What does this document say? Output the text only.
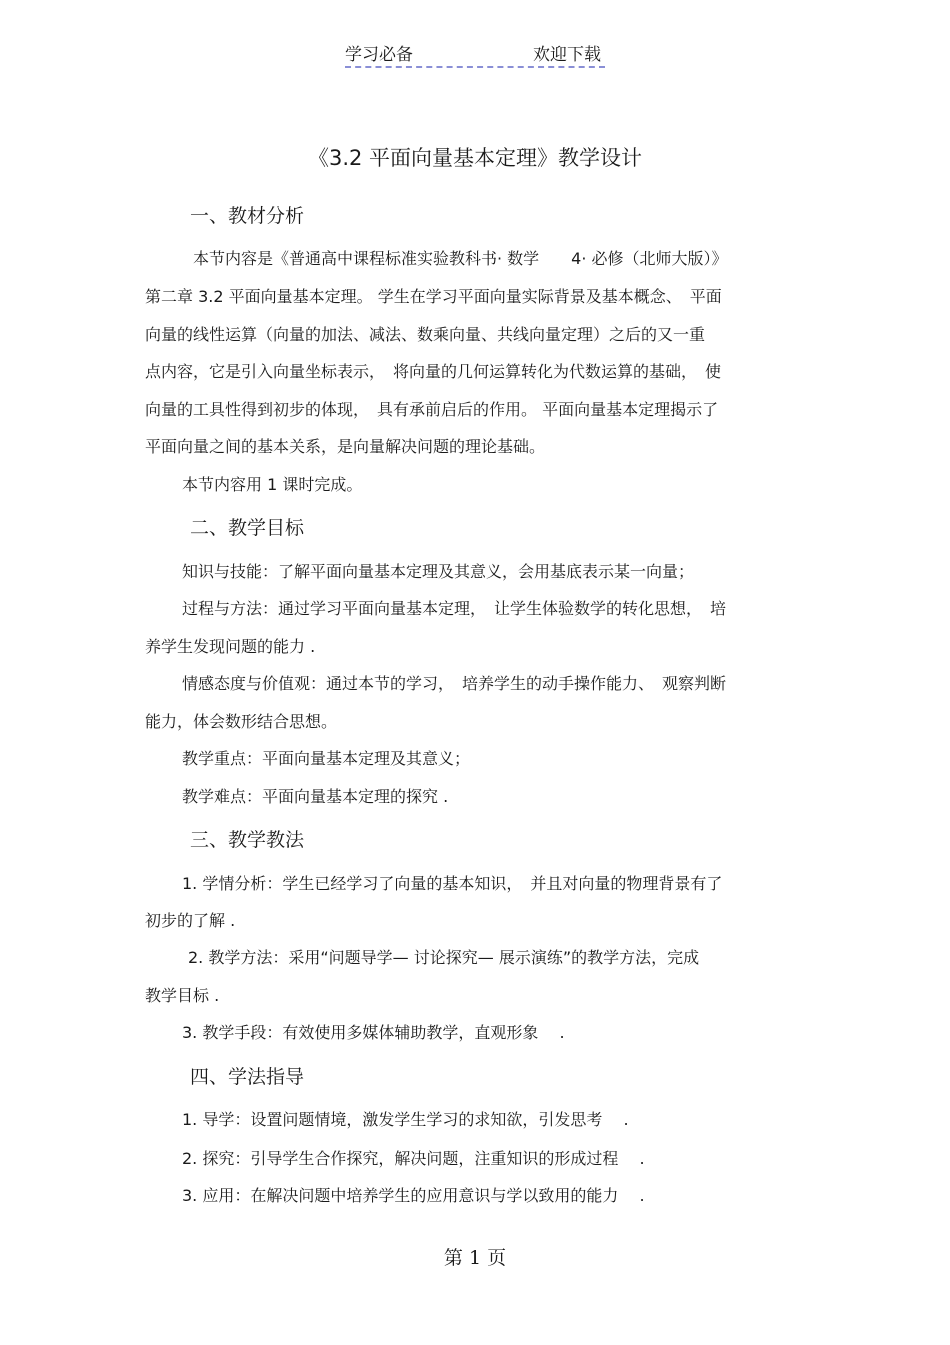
学习必备	欢迎下载
《3.2 平面向量基本定理》教学设计
一、教材分析
本节内容是《普通高中课程标准实验教科书· 数学　　4· 必修（北师大版）》
第二章 3.2 平面向量基本定理。 学生在学习平面向量实际背景及基本概念、　平面
向量的线性运算（向量的加法、减法、数乘向量、共线向量定理）之后的又一重
点内容，它是引入向量坐标表示，　将向量的几何运算转化为代数运算的基础，　使
向量的工具性得到初步的体现，　具有承前启后的作用。 平面向量基本定理揭示了
平面向量之间的基本关系，是向量解决问题的理论基础。
本节内容用 1 课时完成。
二、教学目标
知识与技能：了解平面向量基本定理及其意义，会用基底表示某一向量；
过程与方法：通过学习平面向量基本定理，　让学生体验数学的转化思想，　培
养学生发现问题的能力 .
情感态度与价值观：通过本节的学习，　培养学生的动手操作能力、　观察判断
能力，体会数形结合思想。
教学重点：平面向量基本定理及其意义；
教学难点：平面向量基本定理的探究 .
三、教学教法
1. 学情分析：学生已经学习了向量的基本知识，　并且对向量的物理背景有了
初步的了解 .
2. 教学方法：采用“问题导学— 讨论探究— 展示演练”的教学方法，完成
教学目标 .
3. 教学手段：有效使用多媒体辅助教学，直观形象　 .
四、学法指导
1. 导学：设置问题情境，激发学生学习的求知欲，引发思考　 .
2. 探究：引导学生合作探究，解决问题，注重知识的形成过程　 .
3. 应用：在解决问题中培养学生的应用意识与学以致用的能力　 .
第 1 页
